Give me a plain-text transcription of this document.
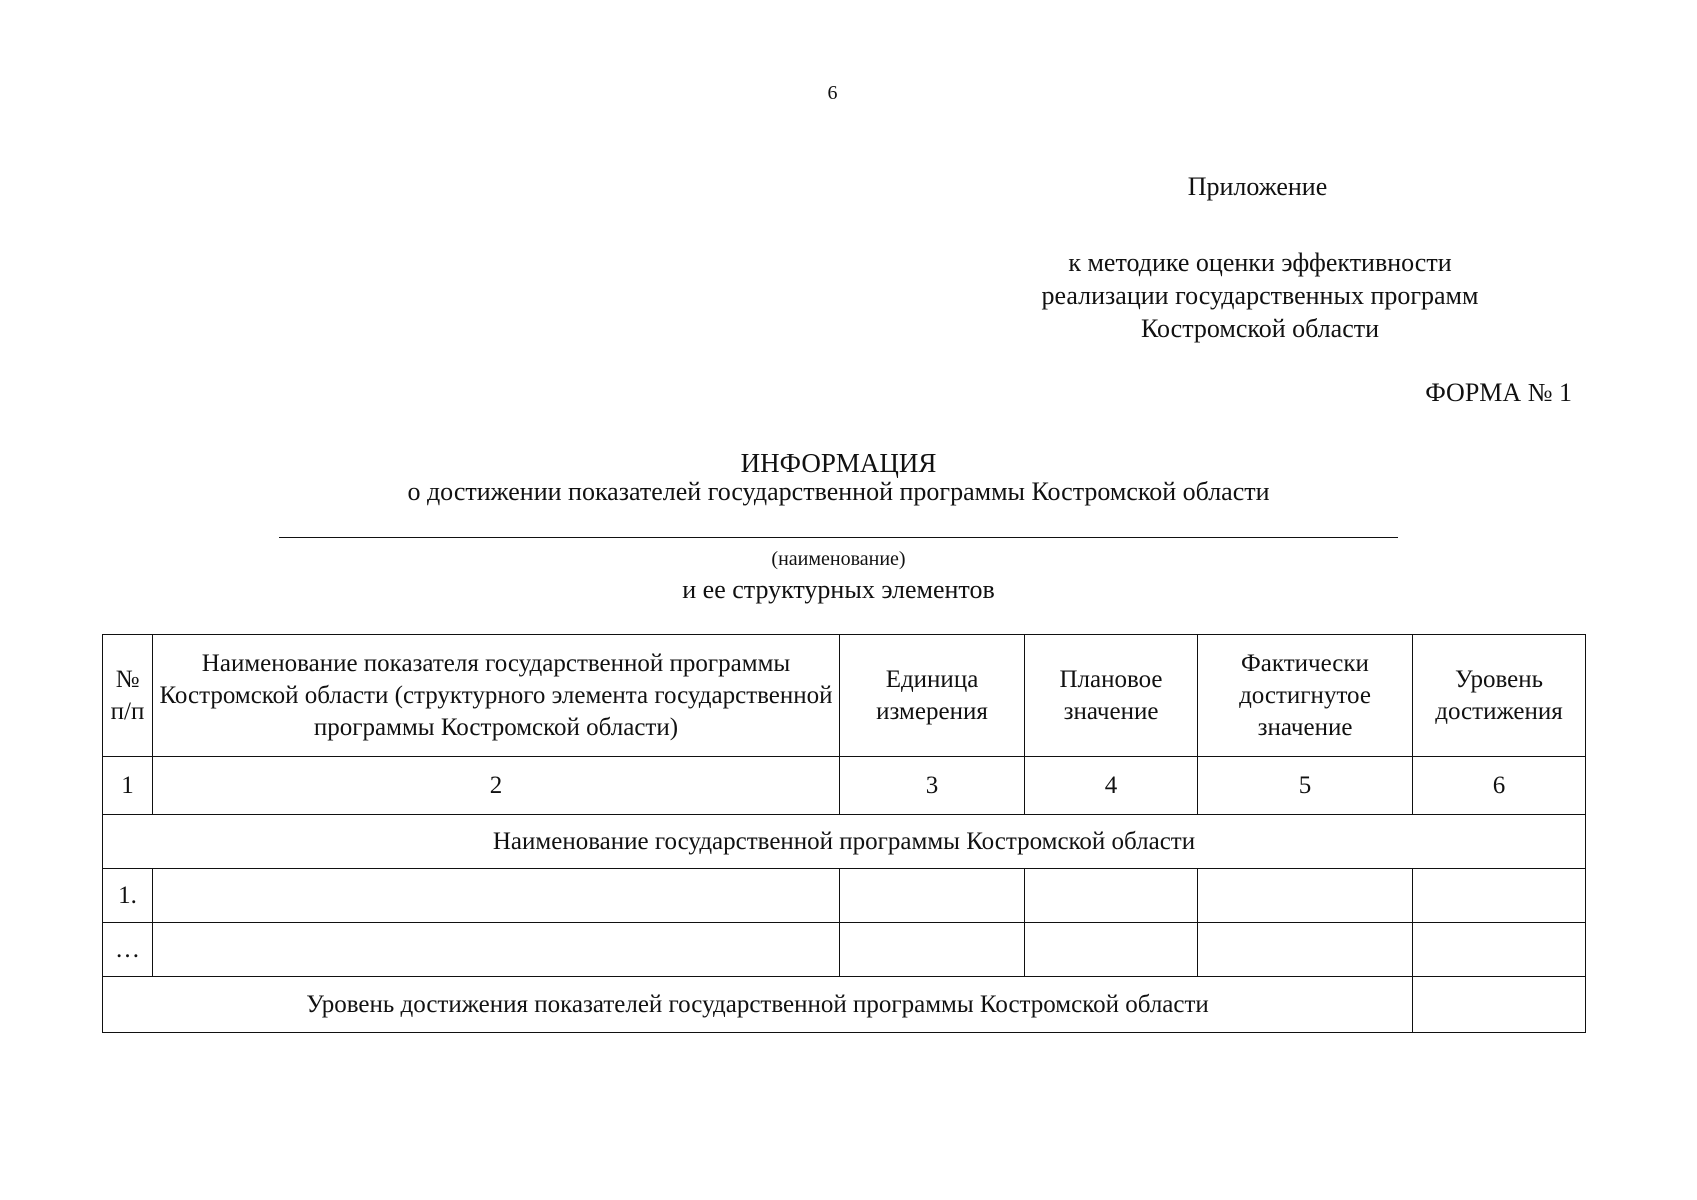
6
Приложение
к методике оценки эффективности
реализации государственных программ
Костромской области
ФОРМА № 1
ИНФОРМАЦИЯ
о достижении показателей государственной программы Костромской области
(наименование)
и ее структурных элементов
№ п/п	Наименование показателя государственной программы Костромской области (структурного элемента государственной программы Костромской области)	Единица измерения	Плановое значение	Фактически достигнутое значение	Уровень достижения
1	2	3	4	5	6
Наименование государственной программы Костромской области					
1.					
…					
Уровень достижения показателей государственной программы Костромской области					
